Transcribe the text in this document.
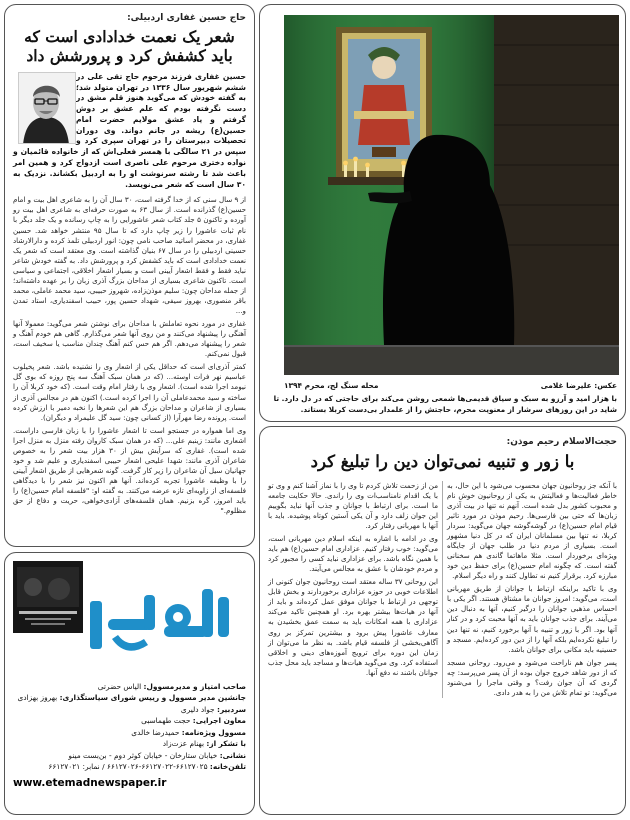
حاج حسین غفاری اردبیلی:
شعر یک نعمت خدادادی است که باید کشفش کرد و پرورشش داد
حسین غفاری فرزند مرحوم حاج تقی علی در ششم شهریور سال ۱۳۳۶ در تهران متولد شد؛ به گفته خودش که می‌گوید هنوز قلم مشق در دست نگرفته بودم که علم عشق بر دوش گرفتم و یاد عشق مولایم حضرت امام حسین(ع) ریشه در جانم دواند. وی دوران تحصیلات دبیرستان را در تهران سپری کرد و سپس در ۲۱ سالگی با همسر فعلی‌اش که از خانواده قائمیان و نواده دختری مرحوم علی ناصری است ازدواج کرد و همین امر باعث شد تا رشته سرنوشت او را به اردبیل بکشاند. نزدیک به ۳۰ سال است که شعر می‌نویسد.

از ۹ سال سنی که از خدا گرفته است، ۳۰ سال آن را به شاعری اهل بیت و امام حسین(ع) گذرانده است. از سال ۶۳ به صورت حرفه‌ای به شاعری اهل بیت رو آورده و تاکنون ۵ جلد کتاب شعر عاشورایی را به چاپ رسانده و یک جلد دیگر با نام ثبات عاشورا را زیر چاپ دارد که تا سال ۹۵ منتشر خواهد شد. حسین غفاری، در محضر اساتید صاحب نامی چون: انور اردبیلی تلمذ کرده و دارالارشاد حسینی اردبیلی را در سال ۶۷ بنیان گذاشته است. وی معتقد است که شعر یک نعمت خدادادی است که باید کشفش کرد و پرورشش داد. به گفته خودش شاعر نباید فقط و فقط اشعار آیینی است و بسیار اشعار اخلاقی، اجتماعی و سیاسی است. تاکنون شاعری بسیاری از مداحان بزرگ آذری زبان را بر عهده داشته‌اند؛ از جمله مداحان چون: سلیم موذن‌زاده، شهروز حبیبی، سید محمد عاملی، محمد باقر منصوری، بهروز سیفی، شهداد حسین پور، حبیب اسفندیاری، استاد تمدن و...

غفاری در مورد نحوه تعاملش با مداحان برای نوشتن شعر می‌گوید: معمولا آنها آهنگی را پیشنهاد می‌کنند و من روی آنها شعر می‌گذارم. گاهی هم خودم آهنگ و شعر را پیشنهاد می‌دهم. اگر هم حس کنم آهنگ چندان مناسب یا سخیف است، قبول نمی‌کنم.

کمتر آذری‌ای است که حداقل یکی از اشعار وی را نشنیده باشد. شعر پخیلوب عباسیم نهر فرات اوسته... (که در همان سبک آهنگ سه پنج روزه که بوی گل نیومد اجرا شده است). اشعار وی با رفتار امام وقت است. (که خود کربلا آن را ساخته و سید محمدعاملی آن را اجرا کرده است.) اکنون هم در مجالس آذری از بسیاری از شاعران و مداحان بزرگ هم این شعرها را نخبه دمیر با ارزش کرده است. پرونده رضا مهرآرا (از کسانی چون: سید گل علیمراد و دیگران).

وی اما همواره در جستجو است تا اشعار عاشورا را با زبان فارسی داراست. اشعاری مانند: زینبم علی... (که در همان سبک کاروان رفته منزل به منزل اجرا شده است). غفاری که سرآیش بیش از ۳۰ هزار بیت شعر را به خصوص شاعران آذری مانند: شهدا علیحی اشعار حبیبی اسفندیاری و علیم شد و خود جهانیان سیل آن شاعران را زیر کار گرفت. گونه شعرهایی از طریق اشعار آیینی را با وظیفه عاشورا تجربه کرده‌اند. آنها هم اکنون نیز شعر را با دیدگاهی فلسفه‌ای از زاویه‌ای تازه عرضه می‌کنند. به گفته او: "فلسفه امام حسین(ع) را باید امروز، گره بزنیم. همان فلسفه‌های آزادی‌خواهی، حریت و دفاع از حق مظلوم."

صاحب امتیاز و مدیرمسوول: الیاس حضرتی
جانشین مدیر مسوول و رییس شورای سیاستگذاری: بهروز بهزادی
سردبیر: جواد دلیری
معاون اجرایی: حجت طهماسبی
مسوول ویژه‌نامه: حمیدرضا خالدی
با تشکر از: بهنام عزت‌زاد
نشانی: خیابان ستارخان - خیابان کوثر دوم - بن‌بست مینو
تلفن‌خانه: ۶۶۱۲۷۰۲۵-۶۶۱۲۷۰۲۲-۶۶۱۲۷۰۲۶ / نمابر: ۶۶۱۲۷۰۲۱
www.etemadnewspaper.ir
عکس: علیرضا غلامی
محله سنگ لج، محرم ۱۳۹۴
با هزار امید و آرزو به سبک و سیاق قدیمی‌ها شمعی روشن می‌کند برای حاجتی که در دل دارد. تا شاید در این روزهای سرشار از معنویت محرم، حاجتش را از علمدار بی‌دست کربلا بستاند.
حجت‌الاسلام رحیم موذن:
با زور و تنبیه نمی‌توان دین را تبلیغ کرد

با آنکه جز روحانیون جهان محسوب می‌شود با این حال، به خاطر فعالیت‌ها و فعالیتش به یکی از روحانیون خوش نام و محبوب کشور بدل شده است. آنهم نه تنها در بیت آذری زبان‌ها که حتی بین فارسی‌ها. رحیم موذن در مورد تاثیر قیام امام حسین(ع) در گوشه‌گوشه جهان می‌گوید: سردار کربلا، نه تنها بین مسلمانان ایران که در کل دنیا مشهور است. بسیاری از مردم دنیا در طلب جهان از جایگاه ویژه‌ای برخوردار است. مثلا ماهاتما گاندی هم سخنانی گفته است. که چگونه امام حسین(ع) برای حفظ دین خود مبارزه کرد. برقرار کنیم نه تطاول کنند و راه دیگر اسلام.

وی با تاکید براینکه ارتباط با جوانان از طریق مهربانی است، می‌گوید: امروز جوانان ما مشتاق هستند. اگر یکی با احساس مذهبی جوانان را درگیر کنیم، آنها به دنبال دین می‌آیند. برای جذب جوانان باید به آنها محبت کرد و در کنار آنها بود. اگر با زور و تنبیه با آنها برخورد کنیم، نه تنها دین را تبلیغ نکرده‌ایم بلکه آنها را از دین دور کرده‌ایم. مسجد و حسینیه باید مکانی برای جوانان باشد.

پسر جوان هم ناراحت می‌شود و می‌رود. روحانی مسجد که از دور شاهد خروج جوان بوده از آن پسر می‌پرسد: چه گردی که آن جوان رفت؟ و وقتی ماجرا را می‌شنود می‌گوید: تو تمام تلاش من را به هدر دادی.

من از زحمت تلاش کردم تا وی را با نماز آشنا کنم و وی تو با یک اقدام نامناسب‌ات وی را راندی. حالا حکایت جامعه ما است. برای ارتباط با جوانان و جذب آنها نباید بگوییم این جوان زلف دارد و آن یکی آستین کوتاه پوشیده. باید با آنها با مهربانی رفتار کرد.

وی در ادامه با اشاره به اینکه اسلام دین مهربانی است، می‌گوید: خوب رفتار کنیم. عزاداری امام حسین(ع) هم باید با همین نگاه باشد. برای عزاداری نباید کسی را مجبور کرد و مردم خودشان با عشق به مجالس می‌آیند.

این روحانی ۳۷ ساله معتقد است روحانیون جوان کنونی از اطلاعات خوبی در حوزه عزاداری برخوردارند و بخش قابل توجهی در ارتباط با جوانان موفق عمل کرده‌اند و باید از آنها در هیات‌ها بیشتر بهره برد. او همچنین تاکید می‌کند عزاداری با همه امکانات باید به سمت عمق بخشیدن به معارف عاشورا پیش برود و بیشترین تمرکز بر روی آگاهی‌بخشی از فلسفه قیام باشد. به نظر ما می‌توان از زمان این دوره برای ترویج آموزه‌های دینی و اخلاقی استفاده کرد. وی می‌گوید هیات‌ها و مساجد باید محل جذب جوانان باشند نه دفع آنها.
